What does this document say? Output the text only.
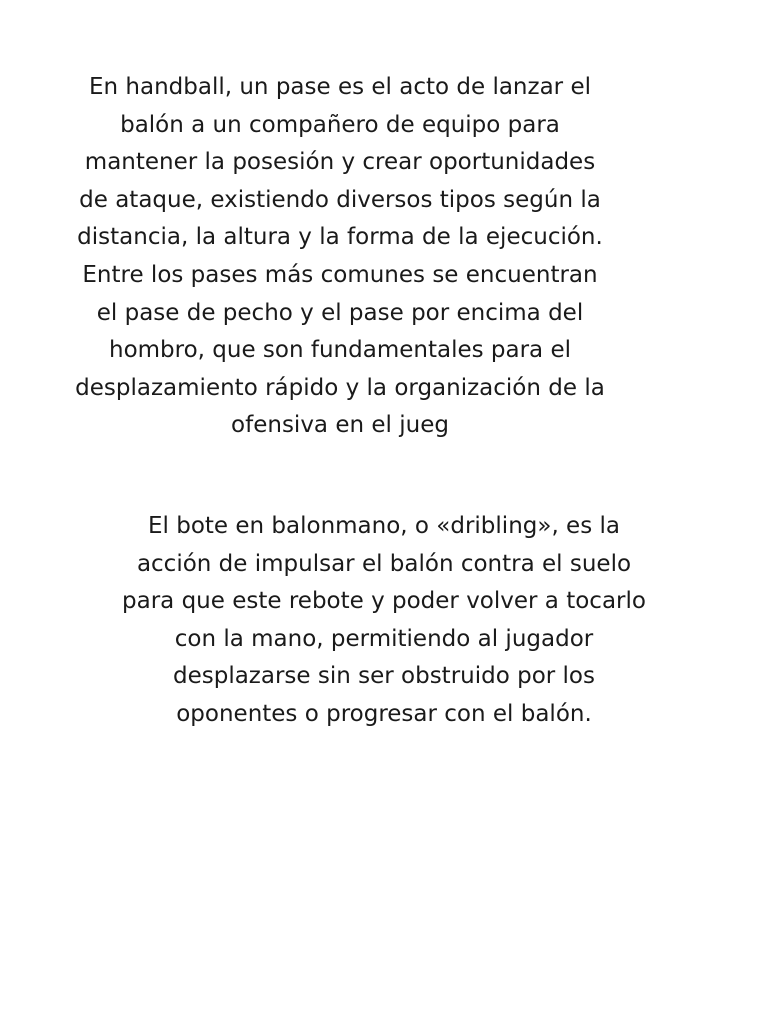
En handball, un pase es el acto de lanzar el
balón a un compañero de equipo para
mantener la posesión y crear oportunidades
de ataque, existiendo diversos tipos según la
distancia, la altura y la forma de la ejecución.
Entre los pases más comunes se encuentran
el pase de pecho y el pase por encima del
hombro, que son fundamentales para el
desplazamiento rápido y la organización de la
ofensiva en el jueg

El bote en balonmano, o «dribling», es la
acción de impulsar el balón contra el suelo
para que este rebote y poder volver a tocarlo
con la mano, permitiendo al jugador
desplazarse sin ser obstruido por los
oponentes o progresar con el balón.
